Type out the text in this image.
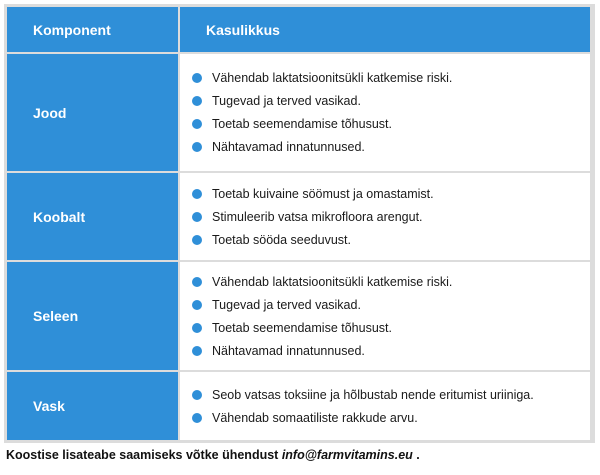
Komponent	Kasulikkus
Jood
Vähendab laktatsioonitsükli katkemise riski.
Tugevad ja terved vasikad.
Toetab seemendamise tõhusust.
Nähtavamad innatunnused.
Koobalt
Toetab kuivaine söömust ja omastamist.
Stimuleerib vatsa mikrofloora arengut.
Toetab sööda seeduvust.
Seleen
Vähendab laktatsioonitsükli katkemise riski.
Tugevad ja terved vasikad.
Toetab seemendamise tõhusust.
Nähtavamad innatunnused.
Vask
Seob vatsas toksiine ja hõlbustab nende eritumist uriiniga.
Vähendab somaatiliste rakkude arvu.
Koostise lisateabe saamiseks võtke ühendust info@farmvitamins.eu .
